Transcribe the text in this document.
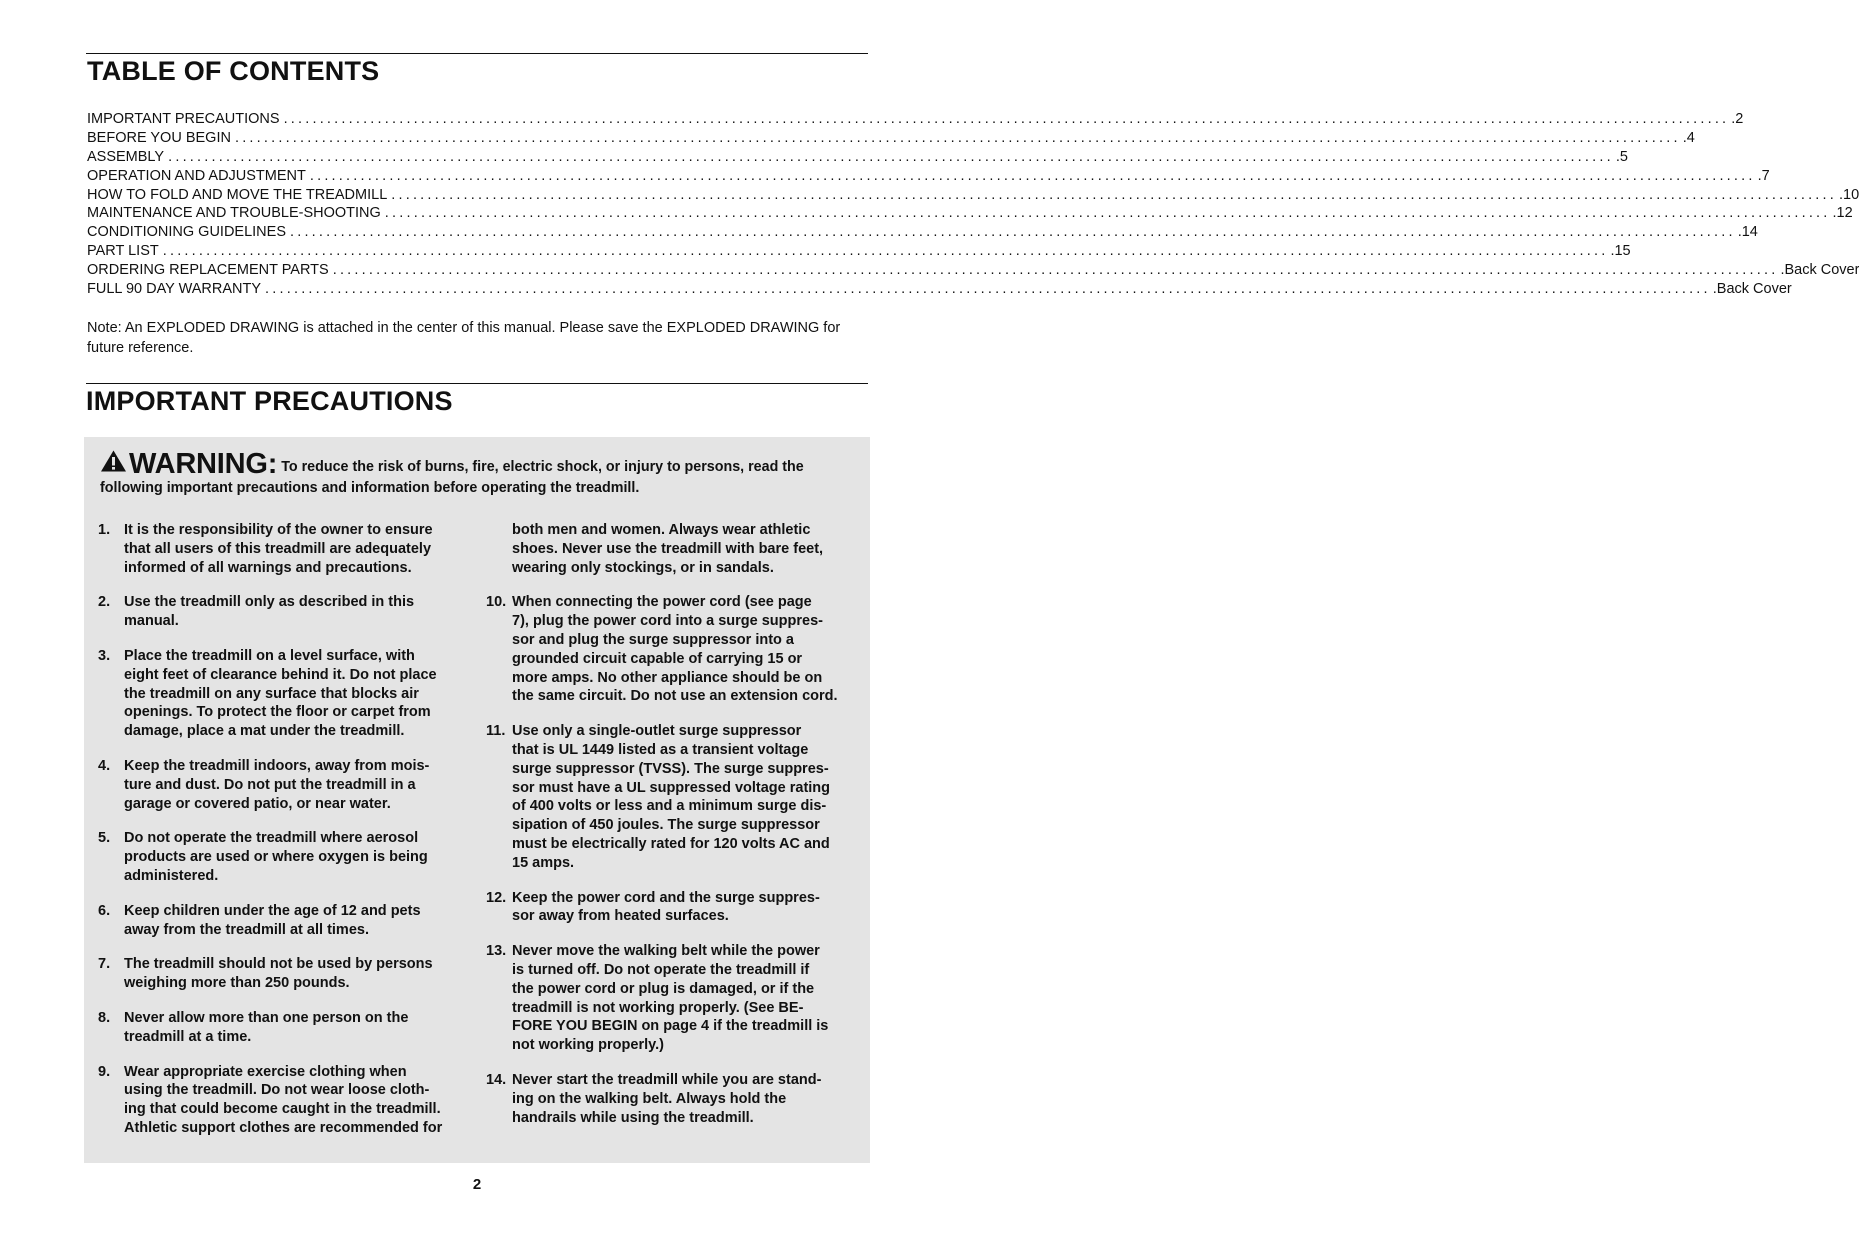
TABLE OF CONTENTS
IMPORTANT PRECAUTIONS ........................................................................................................................................................................................................ .2
BEFORE YOU BEGIN ........................................................................................................................................................................................................ .4
ASSEMBLY ........................................................................................................................................................................................................ .5
OPERATION AND ADJUSTMENT ........................................................................................................................................................................................................ .7
HOW TO FOLD AND MOVE THE TREADMILL ........................................................................................................................................................................................................ .10
MAINTENANCE AND TROUBLE-SHOOTING ........................................................................................................................................................................................................ .12
CONDITIONING GUIDELINES ........................................................................................................................................................................................................ .14
PART LIST ........................................................................................................................................................................................................ .15
ORDERING REPLACEMENT PARTS ........................................................................................................................................................................................................ .Back Cover
FULL 90 DAY WARRANTY ........................................................................................................................................................................................................ .Back Cover

Note: An EXPLODED DRAWING is attached in the center of this manual. Please save the EXPLODED DRAWING for future reference.

IMPORTANT PRECAUTIONS

WARNING: To reduce the risk of burns, fire, electric shock, or injury to persons, read the following important precautions and information before operating the treadmill.

1. It is the responsibility of the owner to ensure
that all users of this treadmill are adequately
informed of all warnings and precautions.
2. Use the treadmill only as described in this
manual.
3. Place the treadmill on a level surface, with
eight feet of clearance behind it. Do not place
the treadmill on any surface that blocks air
openings. To protect the floor or carpet from
damage, place a mat under the treadmill.
4. Keep the treadmill indoors, away from mois-
ture and dust. Do not put the treadmill in a
garage or covered patio, or near water.
5. Do not operate the treadmill where aerosol
products are used or where oxygen is being
administered.
6. Keep children under the age of 12 and pets
away from the treadmill at all times.
7. The treadmill should not be used by persons
weighing more than 250 pounds.
8. Never allow more than one person on the
treadmill at a time.
9. Wear appropriate exercise clothing when
using the treadmill. Do not wear loose cloth-
ing that could become caught in the treadmill.
Athletic support clothes are recommended for
both men and women. Always wear athletic
shoes. Never use the treadmill with bare feet,
wearing only stockings, or in sandals.
10. When connecting the power cord (see page
7), plug the power cord into a surge suppres-
sor and plug the surge suppressor into a
grounded circuit capable of carrying 15 or
more amps. No other appliance should be on
the same circuit. Do not use an extension cord.
11. Use only a single-outlet surge suppressor
that is UL 1449 listed as a transient voltage
surge suppressor (TVSS). The surge suppres-
sor must have a UL suppressed voltage rating
of 400 volts or less and a minimum surge dis-
sipation of 450 joules. The surge suppressor
must be electrically rated for 120 volts AC and
15 amps.
12. Keep the power cord and the surge suppres-
sor away from heated surfaces.
13. Never move the walking belt while the power
is turned off. Do not operate the treadmill if
the power cord or plug is damaged, or if the
treadmill is not working properly. (See BE-
FORE YOU BEGIN on page 4 if the treadmill is
not working properly.)
14. Never start the treadmill while you are stand-
ing on the walking belt. Always hold the
handrails while using the treadmill.
2
